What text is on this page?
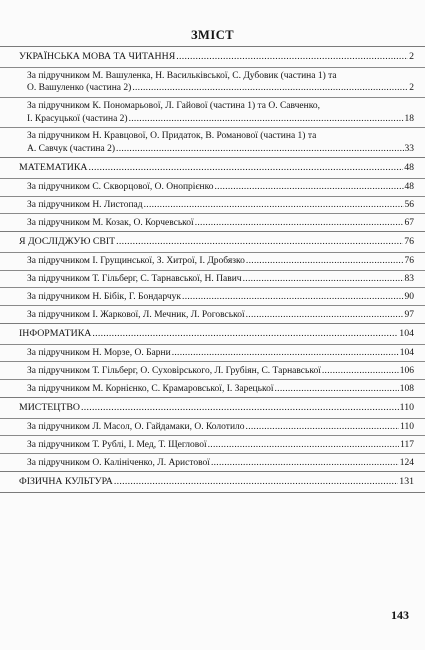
ЗМІСТ
УКРАЇНСЬКА МОВА ТА ЧИТАННЯ .....	2
За підручником М. Вашуленка, Н. Васильківської, С. Дубовик (частина 1) та
О. Вашуленко (частина 2) .....	2
За підручником К. Пономарьової, Л. Гайової (частина 1) та О. Савченко,
І. Красуцької (частина 2) .....	18
За підручником Н. Кравцової, О. Придаток, В. Романової (частина 1) та
А. Савчук (частина 2) .....	33
МАТЕМАТИКА .....	48
За підручником С. Скворцової, О. Онопрієнко .....	48
За підручником Н. Листопад .....	56
За підручником М. Козак, О. Корчевської .....	67
Я ДОСЛІДЖУЮ СВІТ .....	76
За підручником І. Грущинської, З. Хитрої, І. Дробязко .....	76
За підручником Т. Гільберг, С. Тарнавської, Н. Павич .....	83
За підручником Н. Бібік, Г. Бондарчук .....	90
За підручником І. Жаркової, Л. Мечник, Л. Роговської .....	97
ІНФОРМАТИКА .....	104
За підручником Н. Морзе, О. Барни .....	104
За підручником Т. Гільберг, О. Суховірського, Л. Грубіян, С. Тарнавської .....	106
За підручником М. Корнієнко, С. Крамаровської, І. Зарецької .....	108
МИСТЕЦТВО .....	110
За підручником Л. Масол, О. Гайдамаки, О. Колотило .....	110
За підручником Т. Рублі, І. Мед, Т. Щеглової .....	117
За підручником О. Калініченко, Л. Аристової .....	124
ФІЗИЧНА КУЛЬТУРА .....	131
143
